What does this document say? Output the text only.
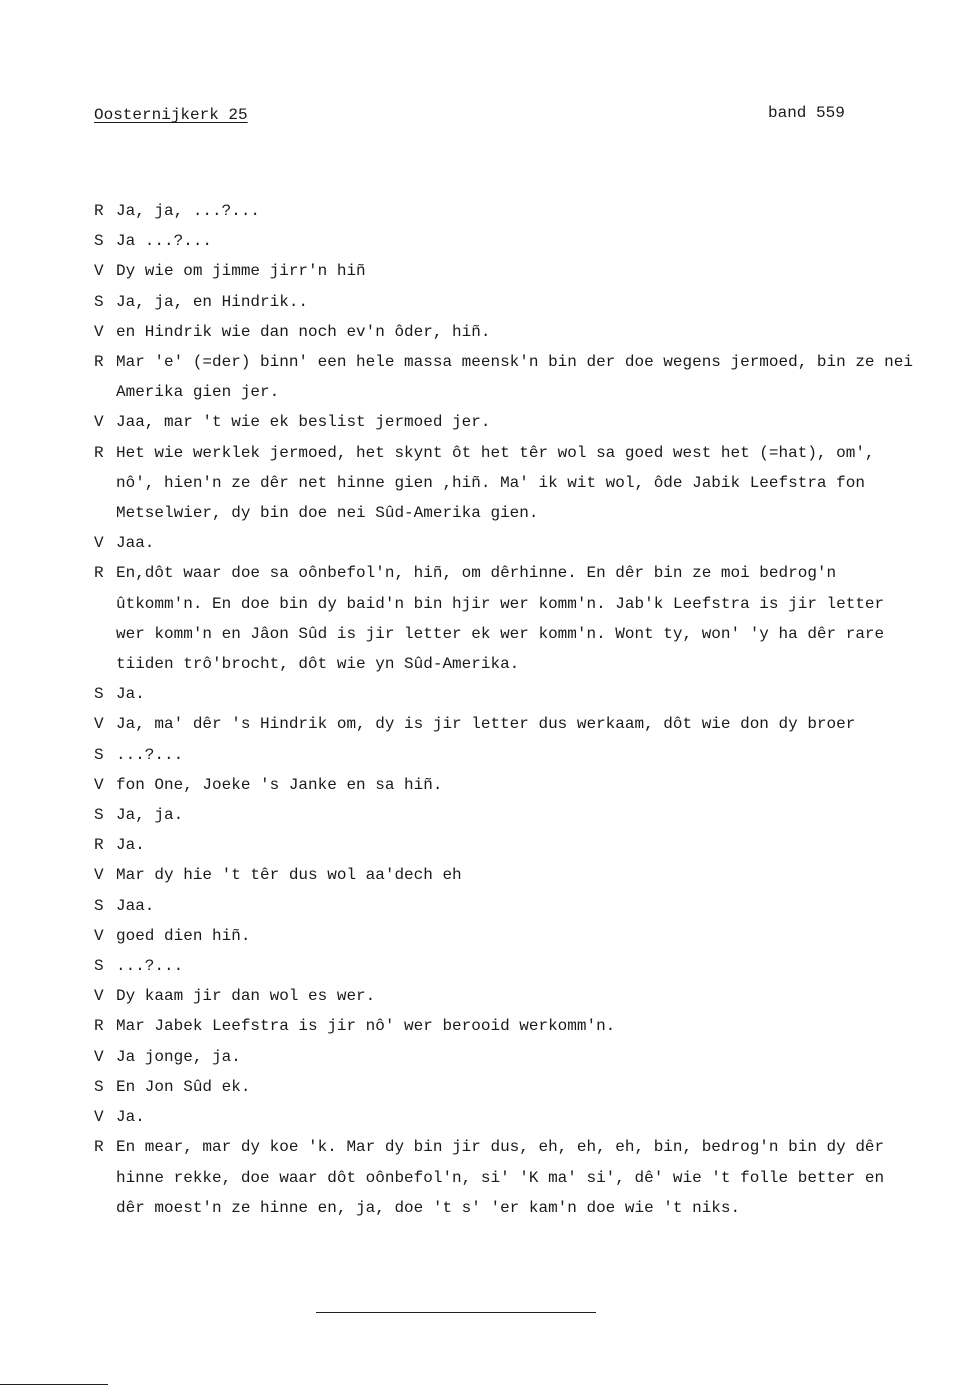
Oosternijkerk 25	band 559
R Ja, ja, ...?...
S Ja ...?...
V Dy wie om jimme jirr'n hiñ
S Ja, ja, en Hindrik..
V en Hindrik wie dan noch ev'n ôder, hiñ.
R Mar 'e' (=der) binn' een hele massa meensk'n bin der doe wegens jermoed, bin ze nei Amerika gien jer.
V Jaa, mar 't wie ek beslist jermoed jer.
R Het wie werklek jermoed, het skynt ôt het têr wol sa goed west het (=hat), om', nô', hien'n ze dêr net hinne gien ,hiñ. Ma' ik wit wol, ôde Jabik Leefstra fon Metselwier, dy bin doe nei Sûd-Amerika gien.
V Jaa.
R En,dôt waar doe sa oônbefol'n, hiñ, om dêrhinne. En dêr bin ze moi bedrog'n ûtkomm'n. En doe bin dy baid'n bin hjir wer komm'n. Jab'k Leefstra is jir letter wer komm'n en Jâon Sûd is jir letter ek wer komm'n. Wont ty, won' 'y ha dêr rare tiiden trô'brocht, dôt wie yn Sûd-Amerika.
S Ja.
V Ja, ma' dêr 's Hindrik om, dy is jir letter dus werkaam, dôt wie don dy broer
S ...?...
V fon One, Joeke 's Janke en sa hiñ.
S Ja, ja.
R Ja.
V Mar dy hie 't têr dus wol aa'dech eh
S Jaa.
V goed dien hiñ.
S ...?...
V Dy kaam jir dan wol es wer.
R Mar Jabek Leefstra is jir nô' wer berooid werkomm'n.
V Ja jonge, ja.
S En Jon Sûd ek.
V Ja.
R En mear, mar dy koe 'k. Mar dy bin jir dus, eh, eh, eh, bin, bedrog'n bin dy dêr hinne rekke, doe waar dôt oônbefol'n, si' 'K ma' si', dê' wie 't folle better en dêr moest'n ze hinne en, ja, doe 't s' 'er kam'n doe wie 't niks.
